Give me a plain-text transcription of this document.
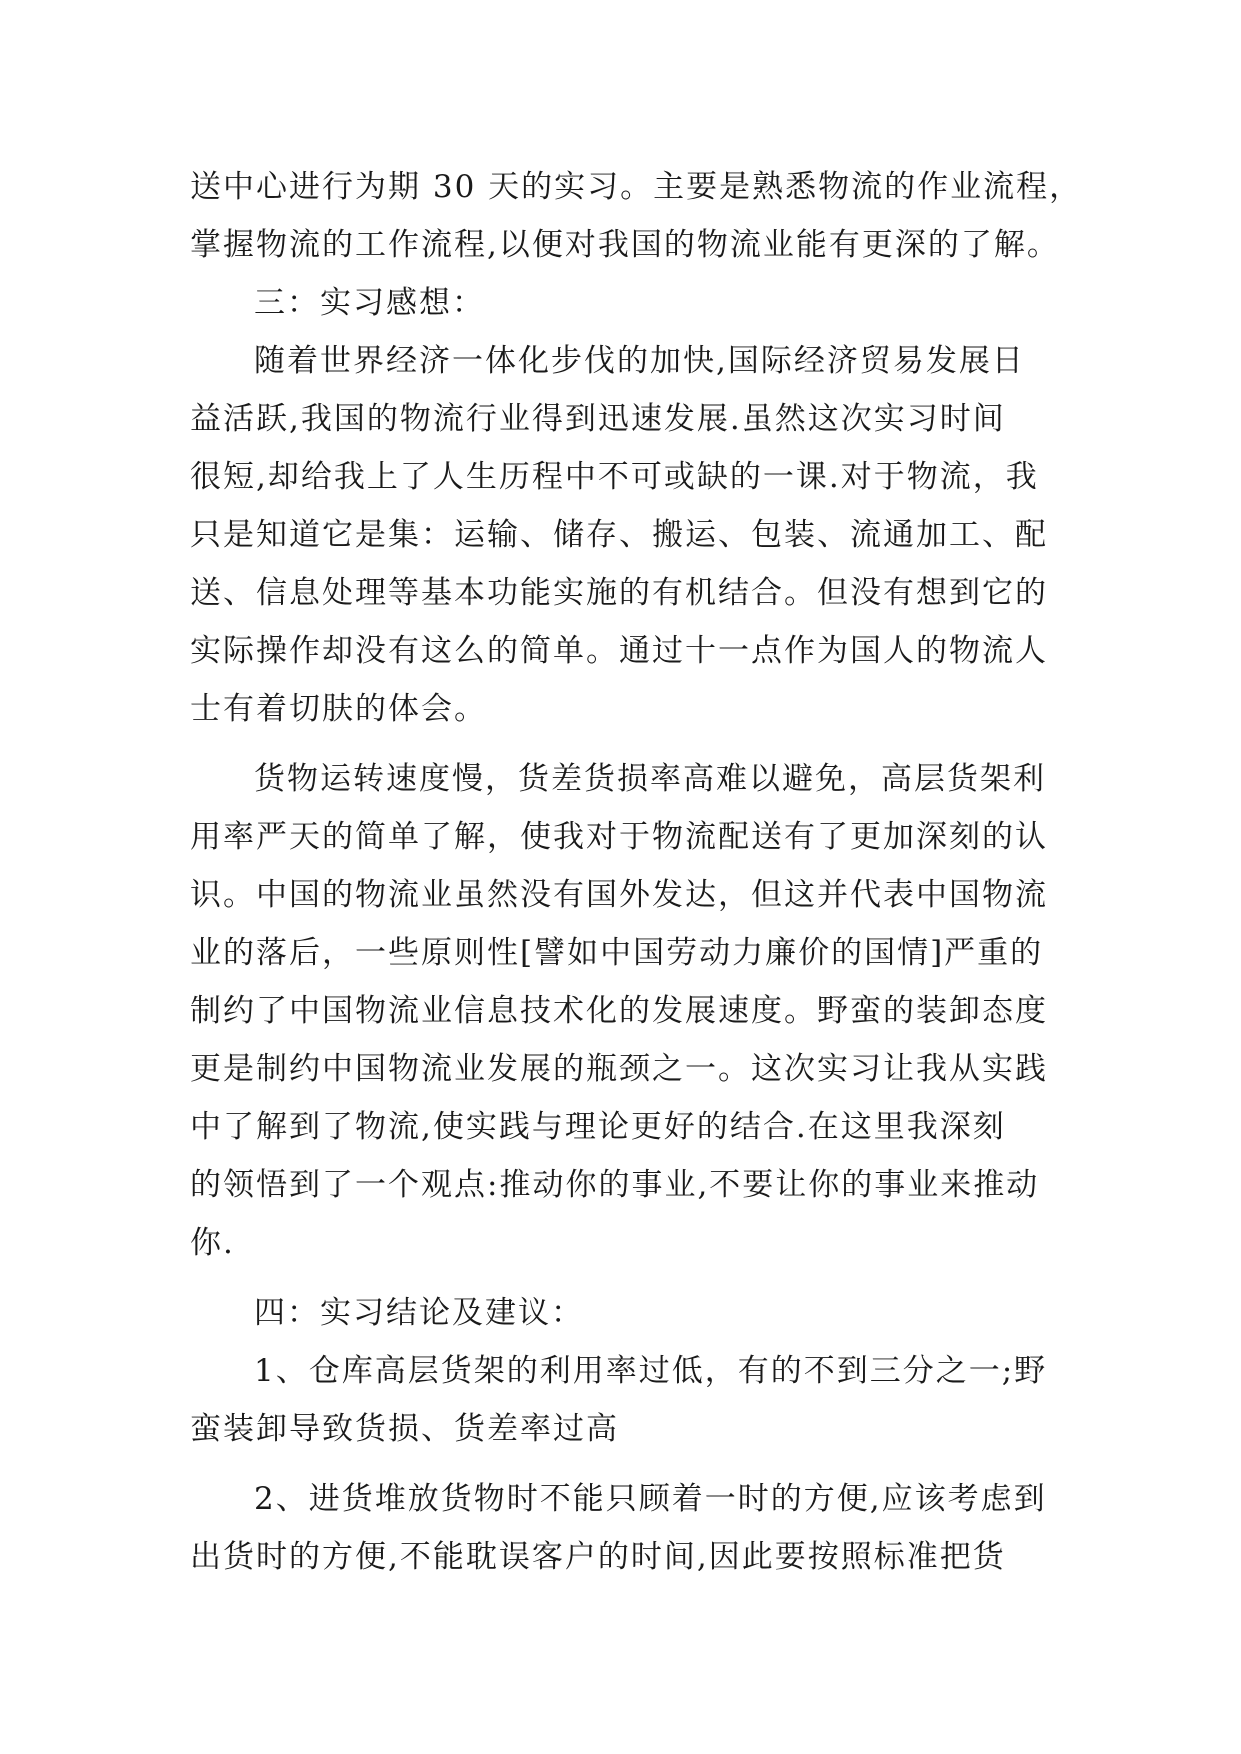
送中心进行为期 30 天的实习。主要是熟悉物流的作业流程，
掌握物流的工作流程,以便对我国的物流业能有更深的了解。
三：实习感想：
随着世界经济一体化步伐的加快,国际经济贸易发展日
益活跃,我国的物流行业得到迅速发展.虽然这次实习时间
很短,却给我上了人生历程中不可或缺的一课.对于物流，我
只是知道它是集：运输、储存、搬运、包装、流通加工、配
送、信息处理等基本功能实施的有机结合。但没有想到它的
实际操作却没有这么的简单。通过十一点作为国人的物流人
士有着切肤的体会。
货物运转速度慢，货差货损率高难以避免，高层货架利
用率严天的简单了解，使我对于物流配送有了更加深刻的认
识。中国的物流业虽然没有国外发达，但这并代表中国物流
业的落后，一些原则性[譬如中国劳动力廉价的国情]严重的
制约了中国物流业信息技术化的发展速度。野蛮的装卸态度
更是制约中国物流业发展的瓶颈之一。这次实习让我从实践
中了解到了物流,使实践与理论更好的结合.在这里我深刻
的领悟到了一个观点:推动你的事业,不要让你的事业来推动
你.
四：实习结论及建议：
1、仓库高层货架的利用率过低，有的不到三分之一;野
蛮装卸导致货损、货差率过高
2、进货堆放货物时不能只顾着一时的方便,应该考虑到
出货时的方便,不能耽误客户的时间,因此要按照标准把货
